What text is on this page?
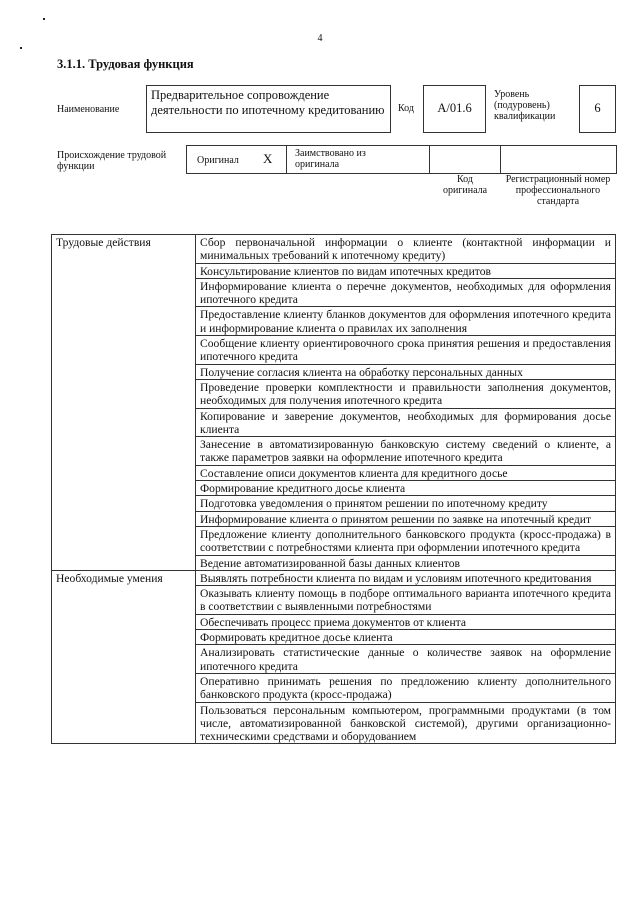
4
3.1.1. Трудовая функция
Наименование
Предварительное сопровождение деятельности по ипотечному кредитованию	Код	А/01.6
Уровень (подуровень) квалификации
6
Происхождение трудовой функции
Оригинал X Заимствовано из оригинала
Код оригинала
Регистрационный номер профессионального стандарта
Трудовые действия	Сбор первоначальной информации о клиенте (контактной информации и минимальных требований к ипотечному кредиту)
	Консультирование клиентов по видам ипотечных кредитов
	Информирование клиента о перечне документов, необходимых для оформления ипотечного кредита
	Предоставление клиенту бланков документов для оформления ипотечного кредита и информирование клиента о правилах их заполнения
	Сообщение клиенту ориентировочного срока принятия решения и предоставления ипотечного кредита
	Получение согласия клиента на обработку персональных данных
	Проведение проверки комплектности и правильности заполнения документов, необходимых для получения ипотечного кредита
	Копирование и заверение документов, необходимых для формирования досье клиента
	Занесение в автоматизированную банковскую систему сведений о клиенте, а также параметров заявки на оформление ипотечного кредита
	Составление описи документов клиента для кредитного досье
	Формирование кредитного досье клиента
	Подготовка уведомления о принятом решении по ипотечному кредиту
	Информирование клиента о принятом решении по заявке на ипотечный кредит
	Предложение клиенту дополнительного банковского продукта (кросс-продажа) в соответствии с потребностями клиента при оформлении ипотечного кредита
	Ведение автоматизированной базы данных клиентов
Необходимые умения	Выявлять потребности клиента по видам и условиям ипотечного кредитования
	Оказывать клиенту помощь в подборе оптимального варианта ипотечного кредита в соответствии с выявленными потребностями
	Обеспечивать процесс приема документов от клиента
	Формировать кредитное досье клиента
	Анализировать статистические данные о количестве заявок на оформление ипотечного кредита
	Оперативно принимать решения по предложению клиенту дополнительного банковского продукта (кросс-продажа)
	Пользоваться персональным компьютером, программными продуктами (в том числе, автоматизированной банковской системой), другими организационно-техническими средствами и оборудованием
